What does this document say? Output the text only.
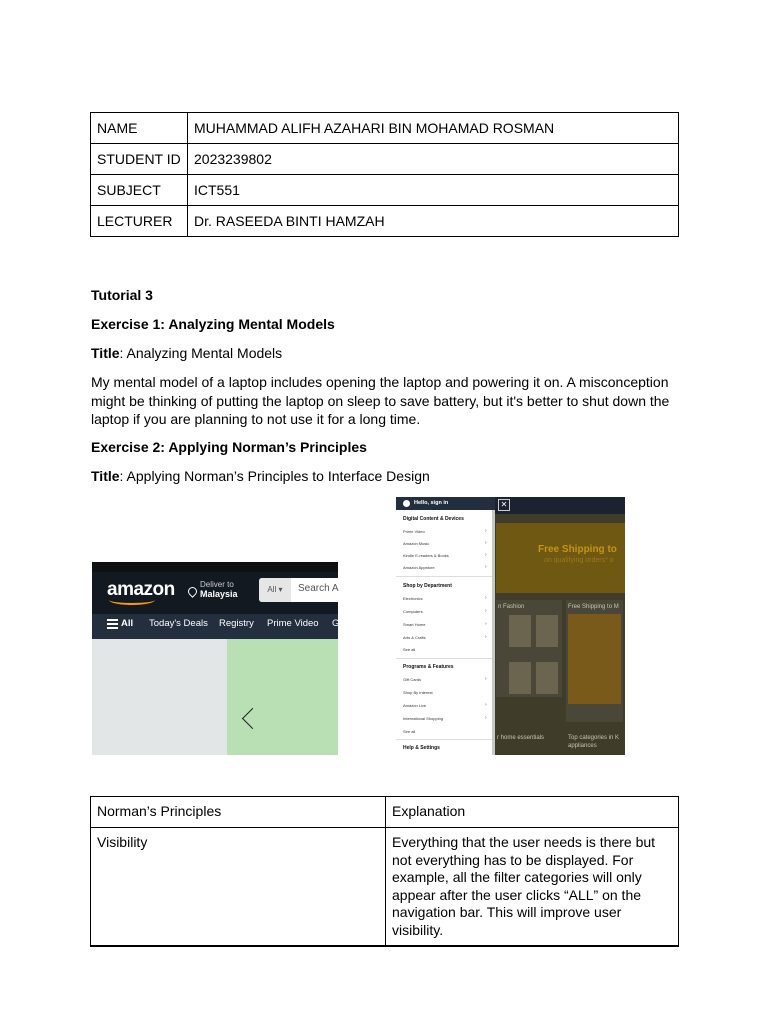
NAME	MUHAMMAD ALIFH AZAHARI BIN MOHAMAD ROSMAN
STUDENT ID	2023239802
SUBJECT	ICT551
LECTURER	Dr. RASEEDA BINTI HAMZAH
Tutorial 3
Exercise 1: Analyzing Mental Models
Title: Analyzing Mental Models
My mental model of a laptop includes opening the laptop and powering it on. A misconception might be thinking of putting the laptop on sleep to save battery, but it's better to shut down the laptop if you are planning to not use it for a long time.
Exercise 2: Applying Norman’s Principles
Title: Applying Norman’s Principles to Interface Design
amazon	Deliver to
Malaysia	All ▾	Search A
All Today's Deals Registry Prime Video G
Free Shipping to
on qualifying orders* o
n Fashion	Free Shipping to M
r home essentials	Top categories in K
appliances
Hello, sign in	✕
Digital Content & Devices
Prime Video	›
Amazon Music	›
Kindle E-readers & Books	›
Amazon Appstore	›
Shop by Department
Electronics	›
Computers	›
Smart Home	›
Arts & Crafts	›
See all
Programs & Features
Gift Cards	›
Shop By Interest
Amazon Live	›
International Shopping	›
See all
Help & Settings
Norman’s Principles	Explanation
Visibility	Everything that the user needs is there but not everything has to be displayed. For example, all the filter categories will only appear after the user clicks “ALL” on the navigation bar. This will improve user visibility.
